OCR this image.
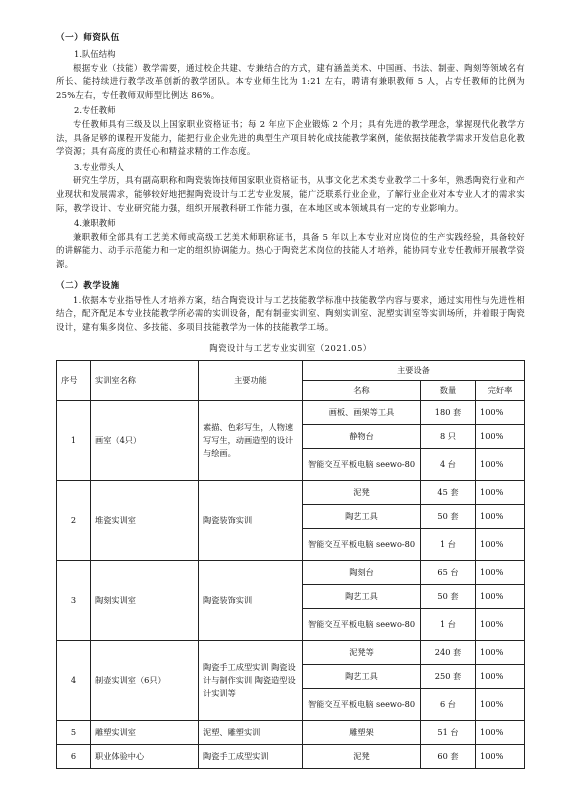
（一）师资队伍
1.队伍结构

根据专业（技能）教学需要，通过校企共建、专兼结合的方式，建有涵盖美术、中国画、书法、制壶、陶刻等领域名有所长、能持续进行教学改革创新的教学团队。本专业师生比为 1:21 左右，聘请有兼职教师 5 人，占专任教师的比例为 25%左右，专任教师双师型比例达 86%。

2.专任教师

专任教师具有三级及以上国家职业资格证书；每 2 年应下企业锻炼 2 个月；具有先进的教学理念，掌握现代化教学方法，具备足够的课程开发能力，能把行业企业先进的典型生产项目转化成技能教学案例，能依据技能教学需求开发信息化教学资源；具有高度的责任心和精益求精的工作态度。

3.专业带头人

研究生学历，具有副高职称和陶瓷装饰技师国家职业资格证书，从事文化艺术类专业教学二十多年，熟悉陶瓷行业和产业现状和发展需求，能够较好地把握陶瓷设计与工艺专业发展，能广泛联系行业企业，了解行业企业对本专业人才的需求实际，教学设计、专业研究能力强，组织开展教科研工作能力强，在本地区或本领域具有一定的专业影响力。

4.兼职教师

兼职教师全部具有工艺美术师或高级工艺美术师职称证书，具备 5 年以上本专业对应岗位的生产实践经验，具备较好的讲解能力、动手示范能力和一定的组织协调能力。热心于陶瓷艺术岗位的技能人才培养，能协同专业专任教师开展教学资源。

（二）教学设施

1.依据本专业指导性人才培养方案，结合陶瓷设计与工艺技能教学标准中技能教学内容与要求，通过实用性与先进性相结合，配齐配足本专业技能教学所必需的实训设备，配有制壶实训室、陶刻实训室、泥塑实训室等实训场所，并着眼于陶瓷设计，建有集多岗位、多技能、多项目技能教学为一体的技能教学工场。

陶瓷设计与工艺专业实训室（2021.05）
序号	实训室名称	主要功能	主要设备		
			名称	数量	完好率
1	画室（4只）	素描、色彩写生，人物速写写生，动画造型的设计与绘画。	画板、画架等工具	180 套	100%
			静物台	8 只	100%
			智能交互平板电脑 seewo-80	4 台	100%
2	堆瓷实训室	陶瓷装饰实训	泥凳	45 套	100%
			陶艺工具	50 套	100%
			智能交互平板电脑 seewo-80	1 台	100%
3	陶刻实训室	陶瓷装饰实训	陶刻台	65 台	100%
			陶艺工具	50 套	100%
			智能交互平板电脑 seewo-80	1 台	100%
4	制壶实训室（6只）	陶瓷手工成型实训 陶瓷设计与制作实训 陶瓷造型设计实训等	泥凳等	240 套	100%
			陶艺工具	250 套	100%
			智能交互平板电脑 seewo-80	6 台	100%
5	雕塑实训室	泥塑、雕塑实训	雕塑架	51 台	100%
6	职业体验中心	陶瓷手工成型实训	泥凳	60 套	100%
